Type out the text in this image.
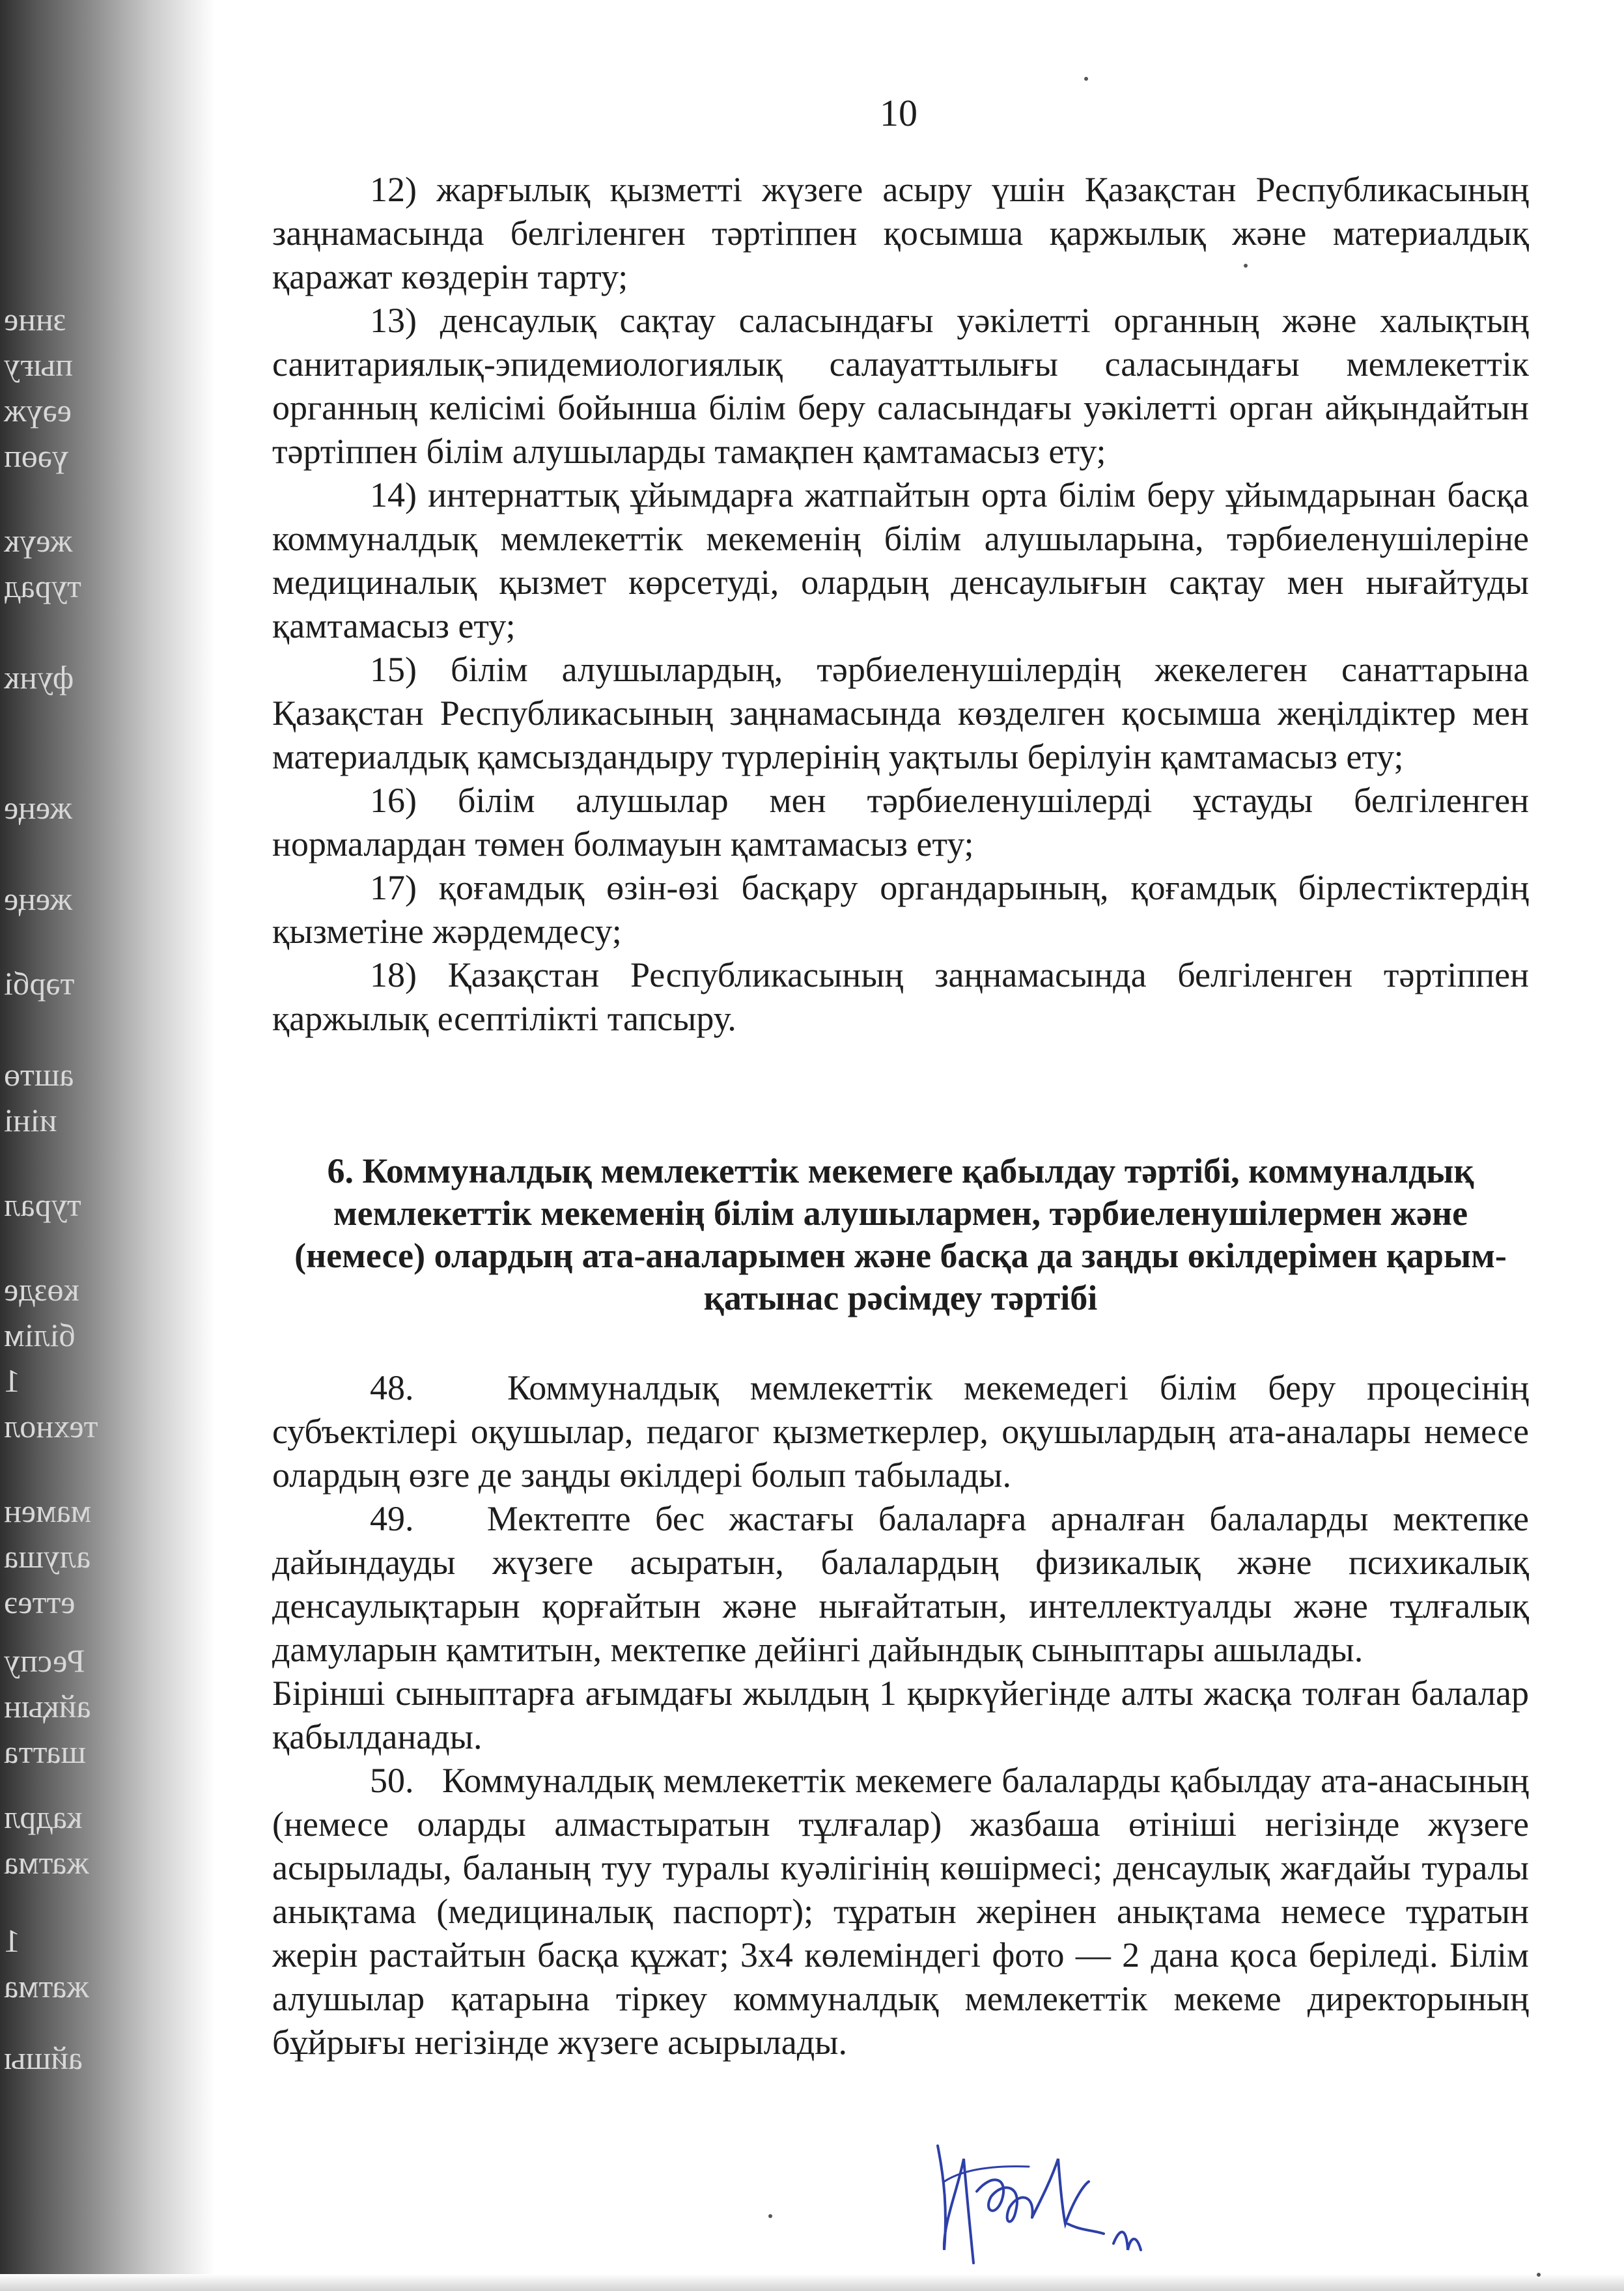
знне
пығу
еәүж
үәөп
жеүк
турад
функ
жеңе
жеңе
тәрбі
аштө
иіні
турал
көзде
білім
1
технол
мамен
алуша
еттеэ
Респу
айқын
шатта
кадрл
жатма
1
жатма
айшы
10

12) жарғылық қызметті жүзеге асыру үшін Қазақстан Республикасының заңнамасында белгіленген тәртіппен қосымша қаржылық және материалдық қаражат көздерін тарту;

13) денсаулық сақтау саласындағы уәкілетті органның және халықтың санитариялық-эпидемиологиялық салауаттылығы саласындағы мемлекеттік органның келісімі бойынша білім беру саласындағы уәкілетті орган айқындайтын тәртіппен білім алушыларды тамақпен қамтамасыз ету;

14) интернаттық ұйымдарға жатпайтын орта білім беру ұйымдарынан басқа коммуналдық мемлекеттік мекеменің білім алушыларына, тәрбиеленушілеріне медициналық қызмет көрсетуді, олардың денсаулығын сақтау мен нығайтуды қамтамасыз ету;

15) білім алушылардың, тәрбиеленушілердің жекелеген санаттарына Қазақстан Республикасының заңнамасында көзделген қосымша жеңілдіктер мен материалдық қамсыздандыру түрлерінің уақтылы берілуін қамтамасыз ету;

16) білім алушылар мен тәрбиеленушілерді ұстауды белгіленген нормалардан төмен болмауын қамтамасыз ету;

17) қоғамдық өзін-өзі басқару органдарының, қоғамдық бірлестіктердің қызметіне жәрдемдесу;

18) Қазақстан Республикасының заңнамасында белгіленген тәртіппен қаржылық есептілікті тапсыру.

6. Коммуналдық мемлекеттік мекемеге қабылдау тәртібі, коммуналдық мемлекеттік мекеменің білім алушылармен, тәрбиеленушілермен және (немесе) олардың ата-аналарымен және басқа да заңды өкілдерімен қарым-қатынас рәсімдеу тәртібі

48.	Коммуналдық мемлекеттік мекемедегі білім беру процесінің субъектілері оқушылар, педагог қызметкерлер, оқушылардың ата-аналары немесе олардың өзге де заңды өкілдері болып табылады.

49. Мектепте бес жастағы балаларға арналған балаларды мектепке дайындауды жүзеге асыратын, балалардың физикалық және психикалық денсаулықтарын қорғайтын және нығайтатын, интеллектуалды және тұлғалық дамуларын қамтитын, мектепке дейінгі дайындық сыныптары ашылады.

Бірінші сыныптарға ағымдағы жылдың 1 қыркүйегінде алты жасқа толған балалар қабылданады.

50. Коммуналдық мемлекеттік мекемеге балаларды қабылдау ата-анасының (немесе оларды алмастыратын тұлғалар) жазбаша өтініші негізінде жүзеге асырылады, баланың туу туралы куәлігінің көшірмесі; денсаулық жағдайы туралы анықтама (медициналық паспорт); тұратын жерінен анықтама немесе тұратын жерін растайтын басқа құжат; 3х4 көлеміндегі фото — 2 дана қоса беріледі. Білім алушылар қатарына тіркеу коммуналдық мемлекеттік мекеме директорының бұйрығы негізінде жүзеге асырылады.
